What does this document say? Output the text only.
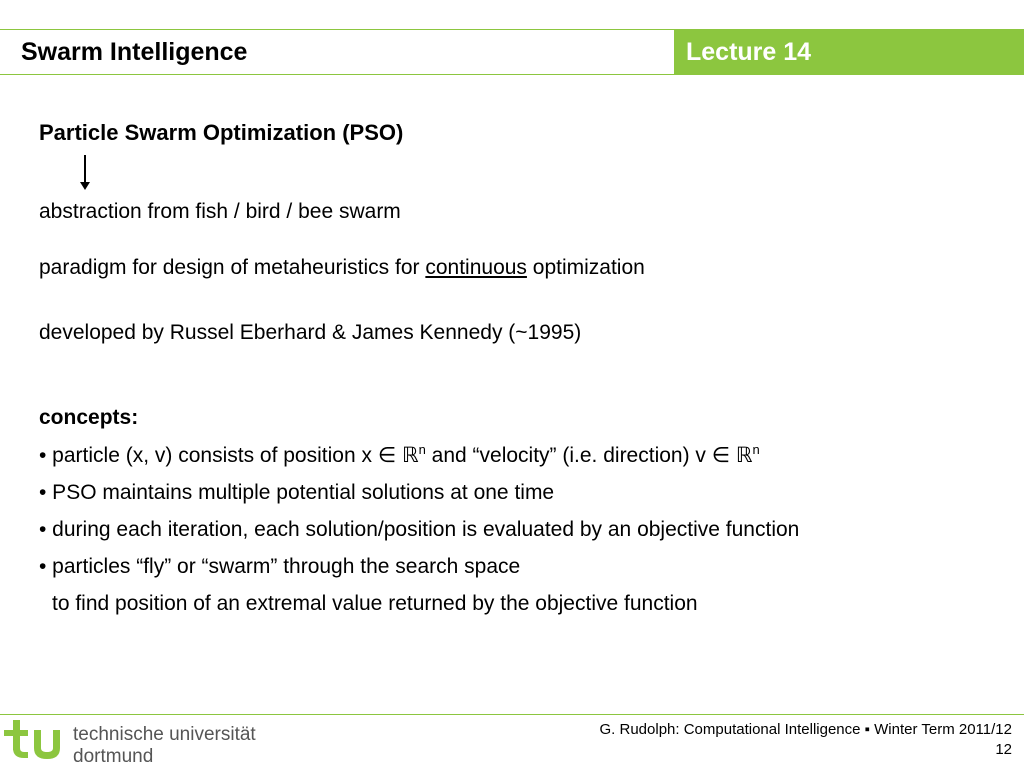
Swarm Intelligence	Lecture 14
Particle Swarm Optimization (PSO)
abstraction from fish / bird / bee swarm
paradigm for design of metaheuristics for continuous optimization
developed by Russel Eberhard & James Kennedy (~1995)
concepts:
• particle (x, v) consists of position x ∈ ℝ$^n$ and “velocity” (i.e. direction) v ∈ ℝ$^n$
• PSO maintains multiple potential solutions at one time
• during each iteration, each solution/position is evaluated by an objective function
• particles “fly” or “swarm” through the search space
to find position of an extremal value returned by the objective function
technische universität
dortmund
G. Rudolph: Computational Intelligence ▪ Winter Term 2011/12
12
